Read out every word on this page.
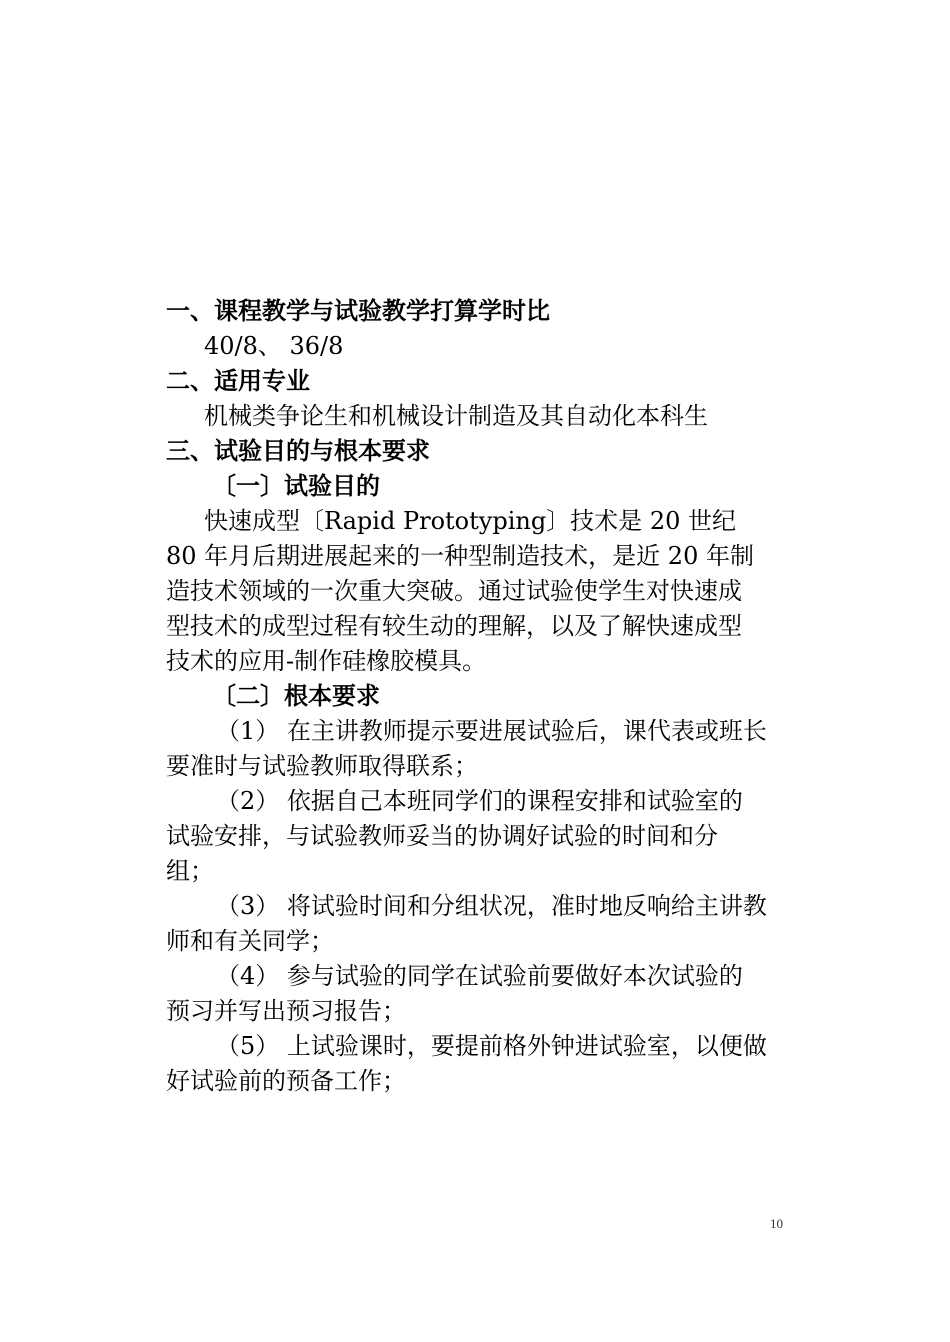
一、课程教学与试验教学打算学时比
40/8、 36/8
二、适用专业
机械类争论生和机械设计制造及其自动化本科生
三、试验目的与根本要求
〔一〕试验目的
快速成型〔Rapid Prototyping〕技术是 20 世纪
80 年月后期进展起来的一种型制造技术，是近 20 年制
造技术领域的一次重大突破。通过试验使学生对快速成
型技术的成型过程有较生动的理解，以及了解快速成型
技术的应用-制作硅橡胶模具。
〔二〕根本要求
（1） 在主讲教师提示要进展试验后，课代表或班长
要准时与试验教师取得联系；
（2） 依据自己本班同学们的课程安排和试验室的
试验安排，与试验教师妥当的协调好试验的时间和分
组；
（3） 将试验时间和分组状况，准时地反响给主讲教
师和有关同学；
（4） 参与试验的同学在试验前要做好本次试验的
预习并写出预习报告；
（5） 上试验课时，要提前格外钟进试验室，以便做
好试验前的预备工作；
10
